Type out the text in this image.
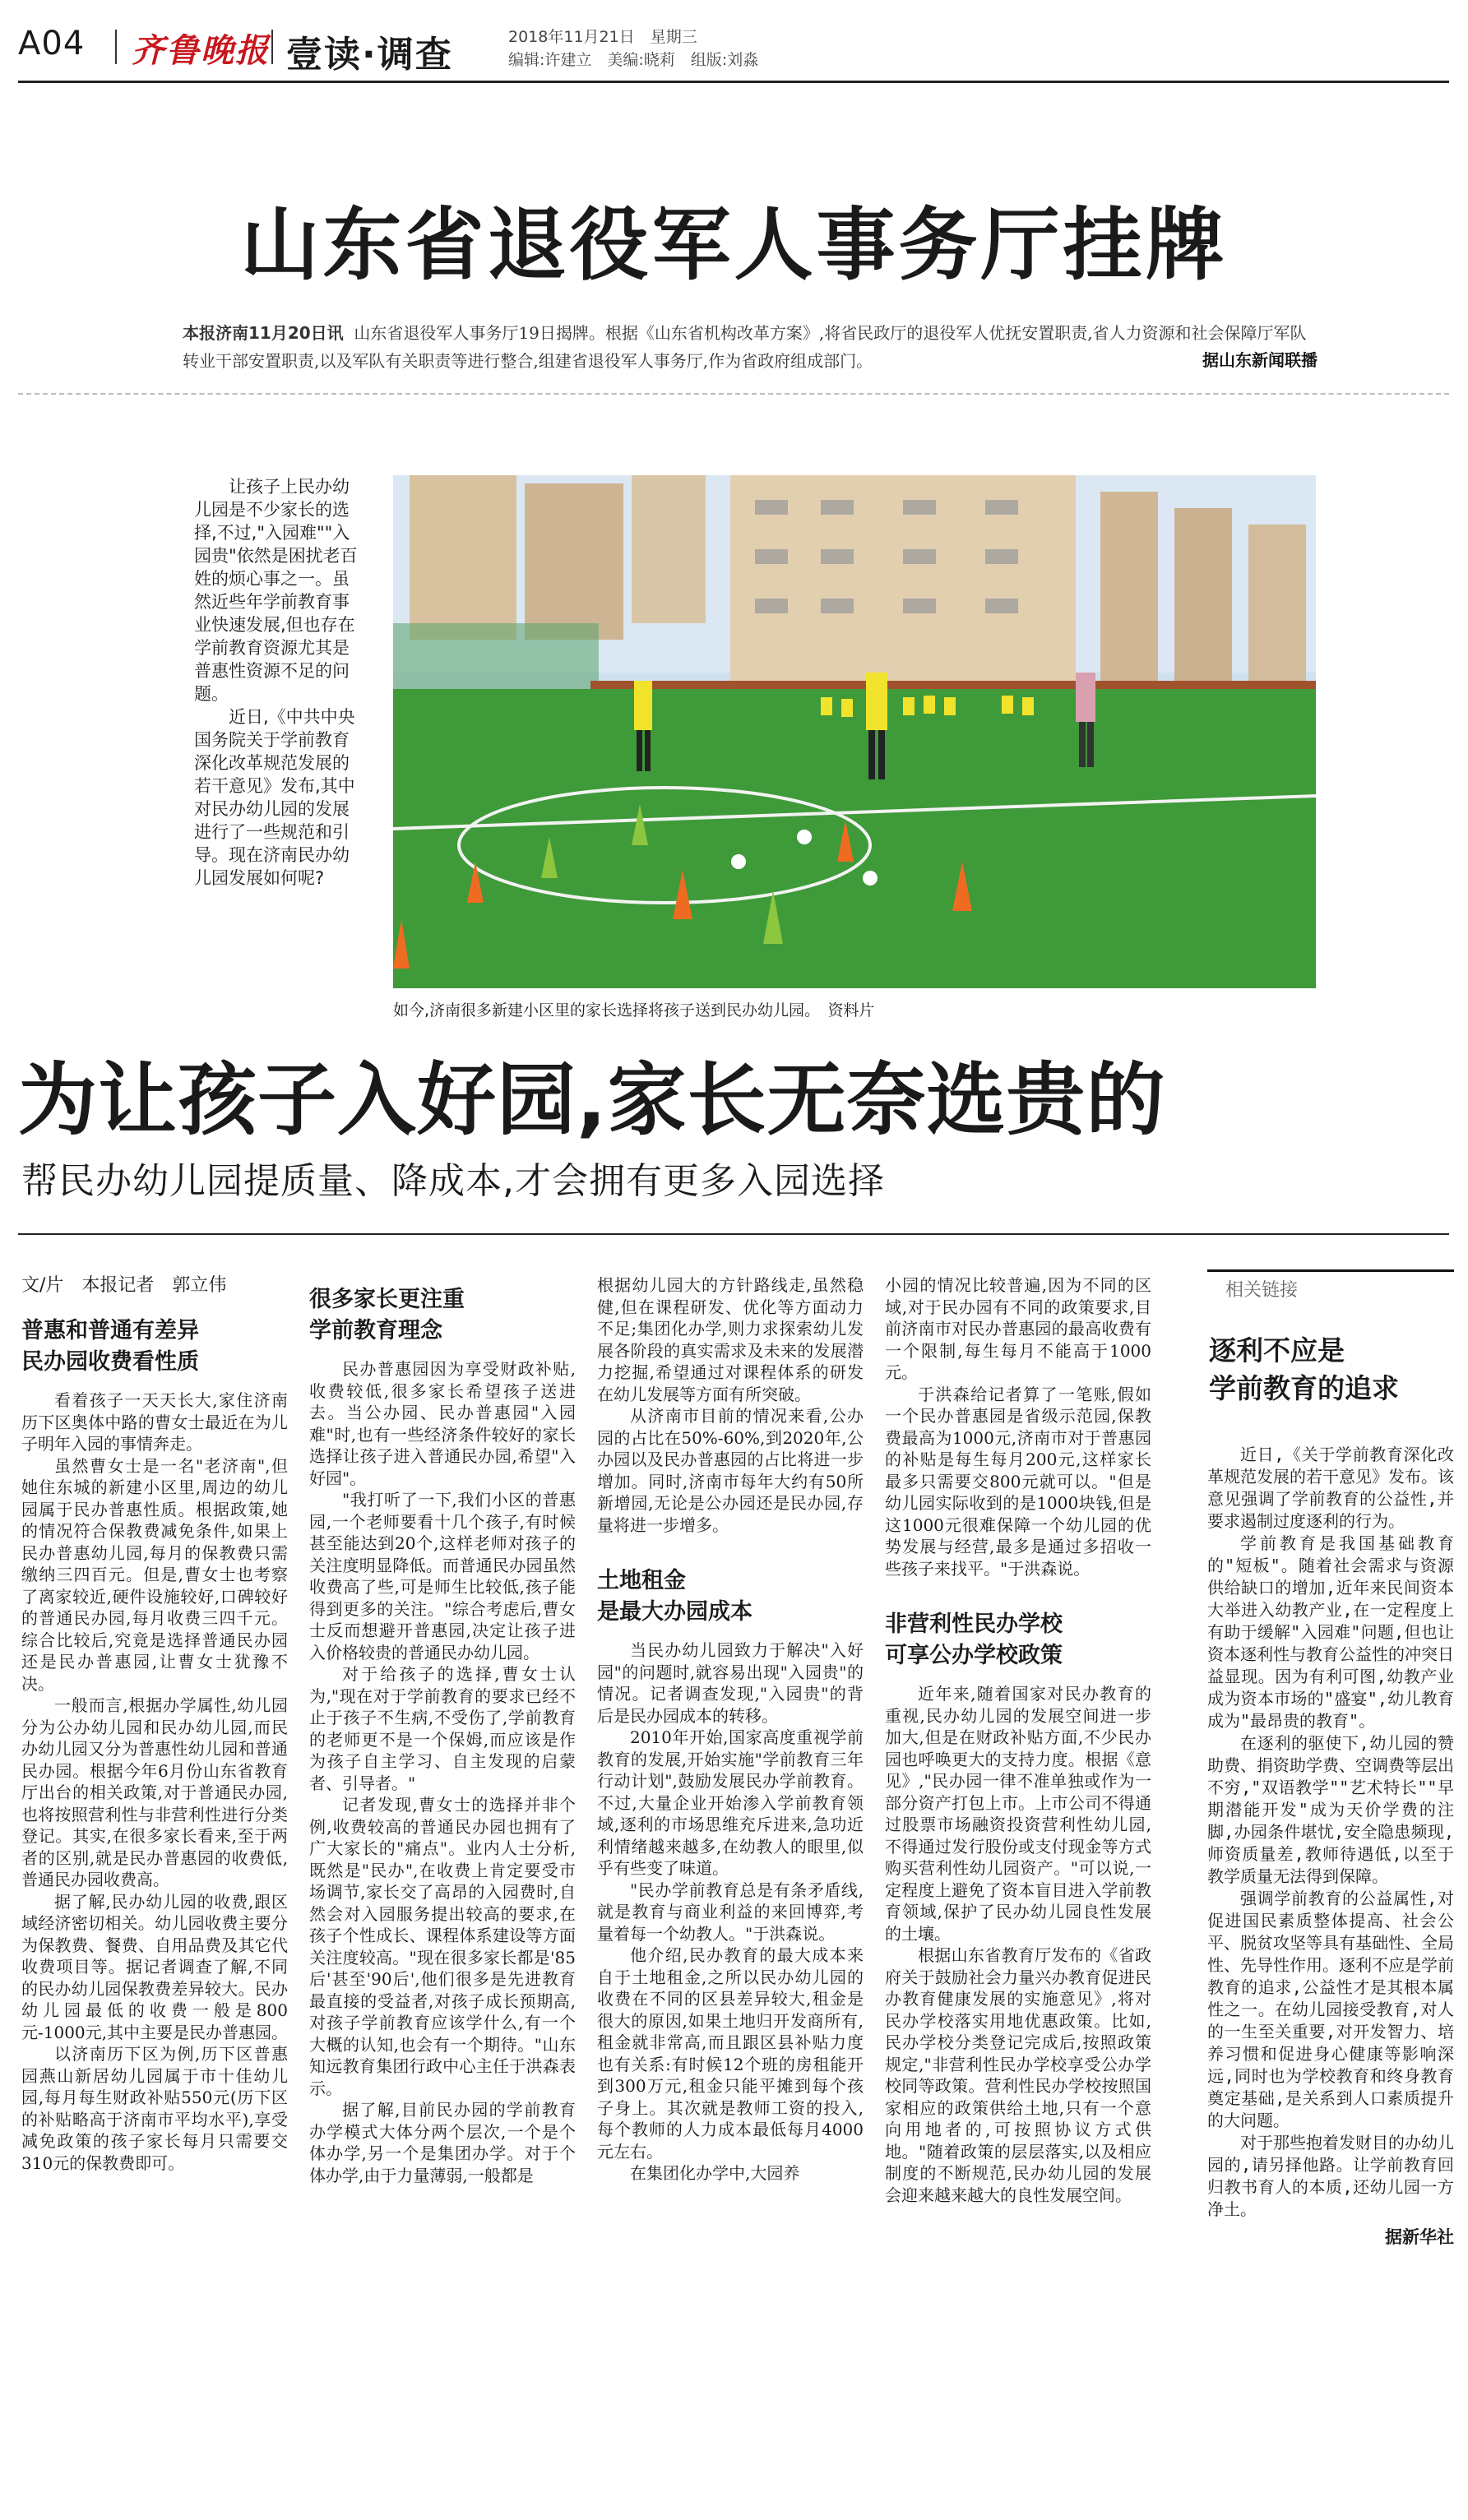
A04 齐鲁晚报 壹读·调查	2018年11月21日　星期三
编辑:许建立　美编:晓莉　组版:刘淼
山东省退役军人事务厅挂牌
本报济南11月20日讯 山东省退役军人事务厅19日揭牌。根据《山东省机构改革方案》,将省民政厅的退役军人优抚安置职责,省人力资源和社会保障厅军队转业干部安置职责,以及军队有关职责等进行整合,组建省退役军人事务厅,作为省政府组成部门。	据山东新闻联播

让孩子上民办幼儿园是不少家长的选择,不过,"入园难""入园贵"依然是困扰老百姓的烦心事之一。虽然近些年学前教育事业快速发展,但也存在学前教育资源尤其是普惠性资源不足的问题。

近日,《中共中央国务院关于学前教育深化改革规范发展的若干意见》发布,其中对民办幼儿园的发展进行了一些规范和引导。现在济南民办幼儿园发展如何呢?

如今,济南很多新建小区里的家长选择将孩子送到民办幼儿园。　资料片
为让孩子入好园,家长无奈选贵的
帮民办幼儿园提质量、降成本,才会拥有更多入园选择
文/片　本报记者　郭立伟
普惠和普通有差异
民办园收费看性质

看着孩子一天天长大,家住济南历下区奥体中路的曹女士最近在为儿子明年入园的事情奔走。

虽然曹女士是一名"老济南",但她住东城的新建小区里,周边的幼儿园属于民办普惠性质。根据政策,她的情况符合保教费减免条件,如果上民办普惠幼儿园,每月的保教费只需缴纳三四百元。但是,曹女士也考察了离家较近,硬件设施较好,口碑较好的普通民办园,每月收费三四千元。综合比较后,究竟是选择普通民办园还是民办普惠园,让曹女士犹豫不决。

一般而言,根据办学属性,幼儿园分为公办幼儿园和民办幼儿园,而民办幼儿园又分为普惠性幼儿园和普通民办园。根据今年6月份山东省教育厅出台的相关政策,对于普通民办园,也将按照营利性与非营利性进行分类登记。其实,在很多家长看来,至于两者的区别,就是民办普惠园的收费低,普通民办园收费高。

据了解,民办幼儿园的收费,跟区域经济密切相关。幼儿园收费主要分为保教费、餐费、自用品费及其它代收费项目等。据记者调查了解,不同的民办幼儿园保教费差异较大。民办幼儿园最低的收费一般是800元-1000元,其中主要是民办普惠园。

以济南历下区为例,历下区普惠园燕山新居幼儿园属于市十佳幼儿园,每月每生财政补贴550元(历下区的补贴略高于济南市平均水平),享受减免政策的孩子家长每月只需要交310元的保教费即可。

很多家长更注重
学前教育理念

民办普惠园因为享受财政补贴,收费较低,很多家长希望孩子送进去。当公办园、民办普惠园"入园难"时,也有一些经济条件较好的家长选择让孩子进入普通民办园,希望"入好园"。

"我打听了一下,我们小区的普惠园,一个老师要看十几个孩子,有时候甚至能达到20个,这样老师对孩子的关注度明显降低。而普通民办园虽然收费高了些,可是师生比较低,孩子能得到更多的关注。"综合考虑后,曹女士反而想避开普惠园,决定让孩子进入价格较贵的普通民办幼儿园。

对于给孩子的选择,曹女士认为,"现在对于学前教育的要求已经不止于孩子不生病,不受伤了,学前教育的老师更不是一个保姆,而应该是作为孩子自主学习、自主发现的启蒙者、引导者。"

记者发现,曹女士的选择并非个例,收费较高的普通民办园也拥有了广大家长的"痛点"。业内人士分析,既然是"民办",在收费上肯定要受市场调节,家长交了高昂的入园费时,自然会对入园服务提出较高的要求,在孩子个性成长、课程体系建设等方面关注度较高。"现在很多家长都是'85后'甚至'90后',他们很多是先进教育最直接的受益者,对孩子成长预期高,对孩子学前教育应该学什么,有一个大概的认知,也会有一个期待。"山东知远教育集团行政中心主任于洪森表示。

据了解,目前民办园的学前教育办学模式大体分两个层次,一个是个体办学,另一个是集团办学。对于个体办学,由于力量薄弱,一般都是

根据幼儿园大的方针路线走,虽然稳健,但在课程研发、优化等方面动力不足;集团化办学,则力求探索幼儿发展各阶段的真实需求及未来的发展潜力挖掘,希望通过对课程体系的研发在幼儿发展等方面有所突破。

从济南市目前的情况来看,公办园的占比在50%-60%,到2020年,公办园以及民办普惠园的占比将进一步增加。同时,济南市每年大约有50所新增园,无论是公办园还是民办园,存量将进一步增多。

土地租金
是最大办园成本

当民办幼儿园致力于解决"入好园"的问题时,就容易出现"入园贵"的情况。记者调查发现,"入园贵"的背后是民办园成本的转移。

2010年开始,国家高度重视学前教育的发展,开始实施"学前教育三年行动计划",鼓励发展民办学前教育。不过,大量企业开始渗入学前教育领域,逐利的市场思维充斥进来,急功近利情绪越来越多,在幼教人的眼里,似乎有些变了味道。

"民办学前教育总是有条矛盾线,就是教育与商业利益的来回博弈,考量着每一个幼教人。"于洪森说。

他介绍,民办教育的最大成本来自于土地租金,之所以民办幼儿园的收费在不同的区县差异较大,租金是很大的原因,如果土地归开发商所有,租金就非常高,而且跟区县补贴力度也有关系:有时候12个班的房租能开到300万元,租金只能平摊到每个孩子身上。其次就是教师工资的投入,每个教师的人力成本最低每月4000元左右。

在集团化办学中,大园养

小园的情况比较普遍,因为不同的区域,对于民办园有不同的政策要求,目前济南市对民办普惠园的最高收费有一个限制,每生每月不能高于1000元。

于洪森给记者算了一笔账,假如一个民办普惠园是省级示范园,保教费最高为1000元,济南市对于普惠园的补贴是每生每月200元,这样家长最多只需要交800元就可以。"但是幼儿园实际收到的是1000块钱,但是这1000元很难保障一个幼儿园的优势发展与经营,最多是通过多招收一些孩子来找平。"于洪森说。

非营利性民办学校
可享公办学校政策

近年来,随着国家对民办教育的重视,民办幼儿园的发展空间进一步加大,但是在财政补贴方面,不少民办园也呼唤更大的支持力度。根据《意见》,"民办园一律不准单独或作为一部分资产打包上市。上市公司不得通过股票市场融资投资营利性幼儿园,不得通过发行股份或支付现金等方式购买营利性幼儿园资产。"可以说,一定程度上避免了资本盲目进入学前教育领域,保护了民办幼儿园良性发展的土壤。

根据山东省教育厅发布的《省政府关于鼓励社会力量兴办教育促进民办教育健康发展的实施意见》,将对民办学校落实用地优惠政策。比如,民办学校分类登记完成后,按照政策规定,"非营利性民办学校享受公办学校同等政策。营利性民办学校按照国家相应的政策供给土地,只有一个意向用地者的,可按照协议方式供地。"随着政策的层层落实,以及相应制度的不断规范,民办幼儿园的发展会迎来越来越大的良性发展空间。

相关链接
逐利不应是
学前教育的追求

近日,《关于学前教育深化改革规范发展的若干意见》发布。该意见强调了学前教育的公益性,并要求遏制过度逐利的行为。

学前教育是我国基础教育的"短板"。随着社会需求与资源供给缺口的增加,近年来民间资本大举进入幼教产业,在一定程度上有助于缓解"入园难"问题,但也让资本逐利性与教育公益性的冲突日益显现。因为有利可图,幼教产业成为资本市场的"盛宴",幼儿教育成为"最昂贵的教育"。

在逐利的驱使下,幼儿园的赞助费、捐资助学费、空调费等层出不穷,"双语教学""艺术特长""早期潜能开发"成为天价学费的注脚,办园条件堪忧,安全隐患频现,师资质量差,教师待遇低,以至于教学质量无法得到保障。

强调学前教育的公益属性,对促进国民素质整体提高、社会公平、脱贫攻坚等具有基础性、全局性、先导性作用。逐利不应是学前教育的追求,公益性才是其根本属性之一。在幼儿园接受教育,对人的一生至关重要,对开发智力、培养习惯和促进身心健康等影响深远,同时也为学校教育和终身教育奠定基础,是关系到人口素质提升的大问题。

对于那些抱着发财目的办幼儿园的,请另择他路。让学前教育回归教书育人的本质,还幼儿园一方净土。

据新华社
